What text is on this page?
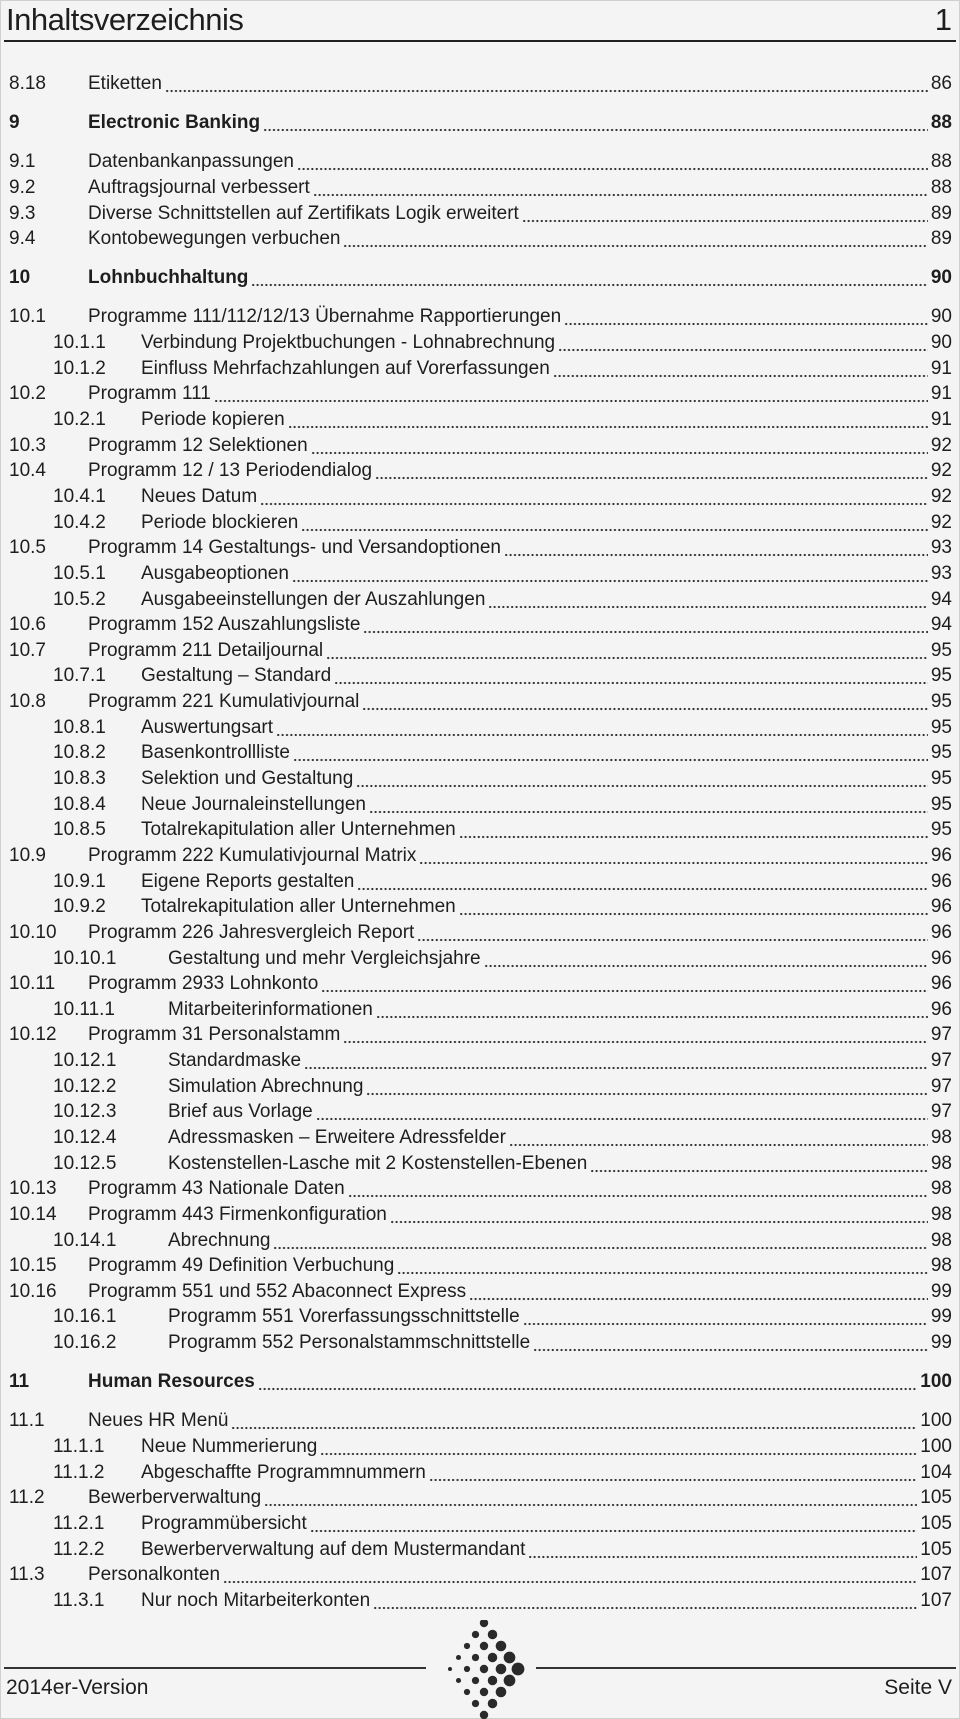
Inhaltsverzeichnis	1
8.18 Etiketten	86
9	Electronic Banking	88
9.1	Datenbankanpassungen	88
9.2	Auftragsjournal verbessert	88
9.3	Diverse Schnittstellen auf Zertifikats Logik erweitert	89
9.4	Kontobewegungen verbuchen	89
10	Lohnbuchhaltung	90
10.1 Programme 111/112/12/13 Übernahme Rapportierungen	90
10.1.1 Verbindung Projektbuchungen - Lohnabrechnung	90
10.1.2 Einfluss Mehrfachzahlungen auf Vorerfassungen	91
10.2 Programm 111	91
10.2.1 Periode kopieren	91
10.3 Programm 12 Selektionen	92
10.4 Programm 12 / 13 Periodendialog	92
10.4.1 Neues Datum	92
10.4.2 Periode blockieren	92
10.5 Programm 14 Gestaltungs- und Versandoptionen	93
10.5.1 Ausgabeoptionen	93
10.5.2 Ausgabeeinstellungen der Auszahlungen	94
10.6 Programm 152 Auszahlungsliste	94
10.7 Programm 211 Detailjournal	95
10.7.1 Gestaltung – Standard	95
10.8 Programm 221 Kumulativjournal	95
10.8.1 Auswertungsart	95
10.8.2 Basenkontrollliste	95
10.8.3 Selektion und Gestaltung	95
10.8.4 Neue Journaleinstellungen	95
10.8.5 Totalrekapitulation aller Unternehmen	95
10.9 Programm 222 Kumulativjournal Matrix	96
10.9.1 Eigene Reports gestalten	96
10.9.2 Totalrekapitulation aller Unternehmen	96
10.10 Programm 226 Jahresvergleich Report	96
10.10.1	Gestaltung und mehr Vergleichsjahre	96
10.11 Programm 2933 Lohnkonto	96
10.11.1	Mitarbeiterinformationen	96
10.12 Programm 31 Personalstamm	97
10.12.1	Standardmaske	97
10.12.2	Simulation Abrechnung	97
10.12.3	Brief aus Vorlage	97
10.12.4	Adressmasken – Erweitere Adressfelder	98
10.12.5	Kostenstellen-Lasche mit 2 Kostenstellen-Ebenen	98
10.13 Programm 43 Nationale Daten	98
10.14 Programm 443 Firmenkonfiguration	98
10.14.1	Abrechnung	98
10.15 Programm 49 Definition Verbuchung	98
10.16 Programm 551 und 552 Abaconnect Express	99
10.16.1	Programm 551 Vorerfassungsschnittstelle	99
10.16.2	Programm 552 Personalstammschnittstelle	99
11	Human Resources	100
11.1 Neues HR Menü	100
11.1.1 Neue Nummerierung	100
11.1.2 Abgeschaffte Programmnummern	104
11.2 Bewerberverwaltung	105
11.2.1 Programmübersicht	105
11.2.2 Bewerberverwaltung auf dem Mustermandant	105
11.3 Personalkonten	107
11.3.1 Nur noch Mitarbeiterkonten	107
2014er-Version	Seite V
